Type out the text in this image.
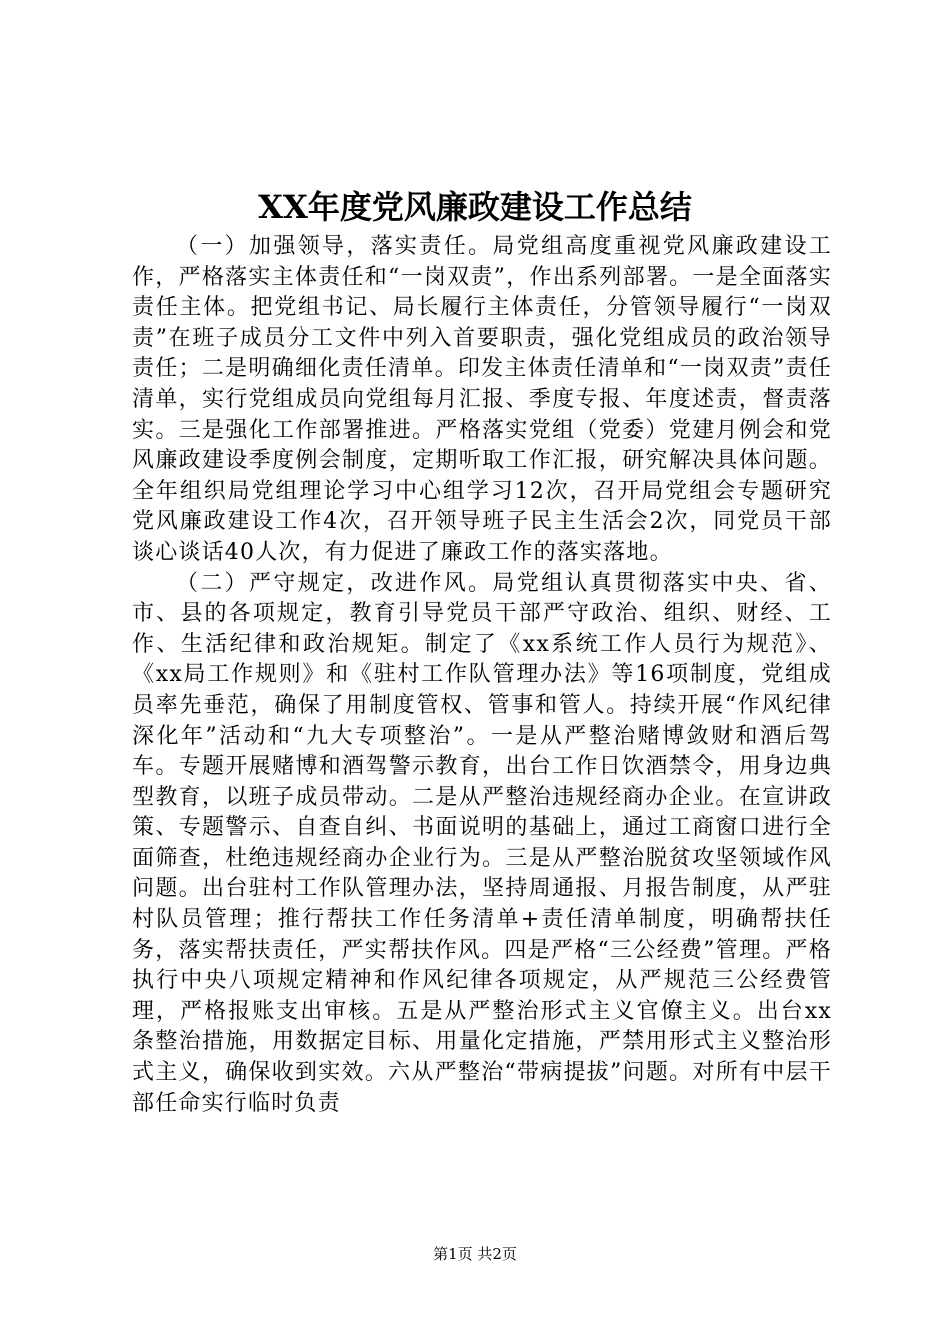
XX年度党风廉政建设工作总结

（一）加强领导，落实责任。局党组高度重视党风廉政建设工作，严格落实主体责任和“一岗双责”，作出系列部署。一是全面落实责任主体。把党组书记、局长履行主体责任，分管领导履行“一岗双责”在班子成员分工文件中列入首要职责，强化党组成员的政治领导责任；二是明确细化责任清单。印发主体责任清单和“一岗双责”责任清单，实行党组成员向党组每月汇报、季度专报、年度述责，督责落实。三是强化工作部署推进。严格落实党组（党委）党建月例会和党风廉政建设季度例会制度，定期听取工作汇报，研究解决具体问题。全年组织局党组理论学习中心组学习12次，召开局党组会专题研究党风廉政建设工作4次，召开领导班子民主生活会2次，同党员干部谈心谈话40人次，有力促进了廉政工作的落实落地。

（二）严守规定，改进作风。局党组认真贯彻落实中央、省、市、县的各项规定，教育引导党员干部严守政治、组织、财经、工作、生活纪律和政治规矩。制定了《xx系统工作人员行为规范》、《xx局工作规则》和《驻村工作队管理办法》等16项制度，党组成员率先垂范，确保了用制度管权、管事和管人。持续开展“作风纪律深化年”活动和“九大专项整治”。一是从严整治赌博敛财和酒后驾车。专题开展赌博和酒驾警示教育，出台工作日饮酒禁令，用身边典型教育，以班子成员带动。二是从严整治违规经商办企业。在宣讲政策、专题警示、自查自纠、书面说明的基础上，通过工商窗口进行全面筛查，杜绝违规经商办企业行为。三是从严整治脱贫攻坚领域作风问题。出台驻村工作队管理办法，坚持周通报、月报告制度，从严驻村队员管理；推行帮扶工作任务清单+责任清单制度，明确帮扶任务，落实帮扶责任，严实帮扶作风。四是严格“三公经费”管理。严格执行中央八项规定精神和作风纪律各项规定，从严规范三公经费管理，严格报账支出审核。五是从严整治形式主义官僚主义。出台xx条整治措施，用数据定目标、用量化定措施，严禁用形式主义整治形式主义，确保收到实效。六从严整治“带病提拔”问题。对所有中层干部任命实行临时负责

第1页 共2页
